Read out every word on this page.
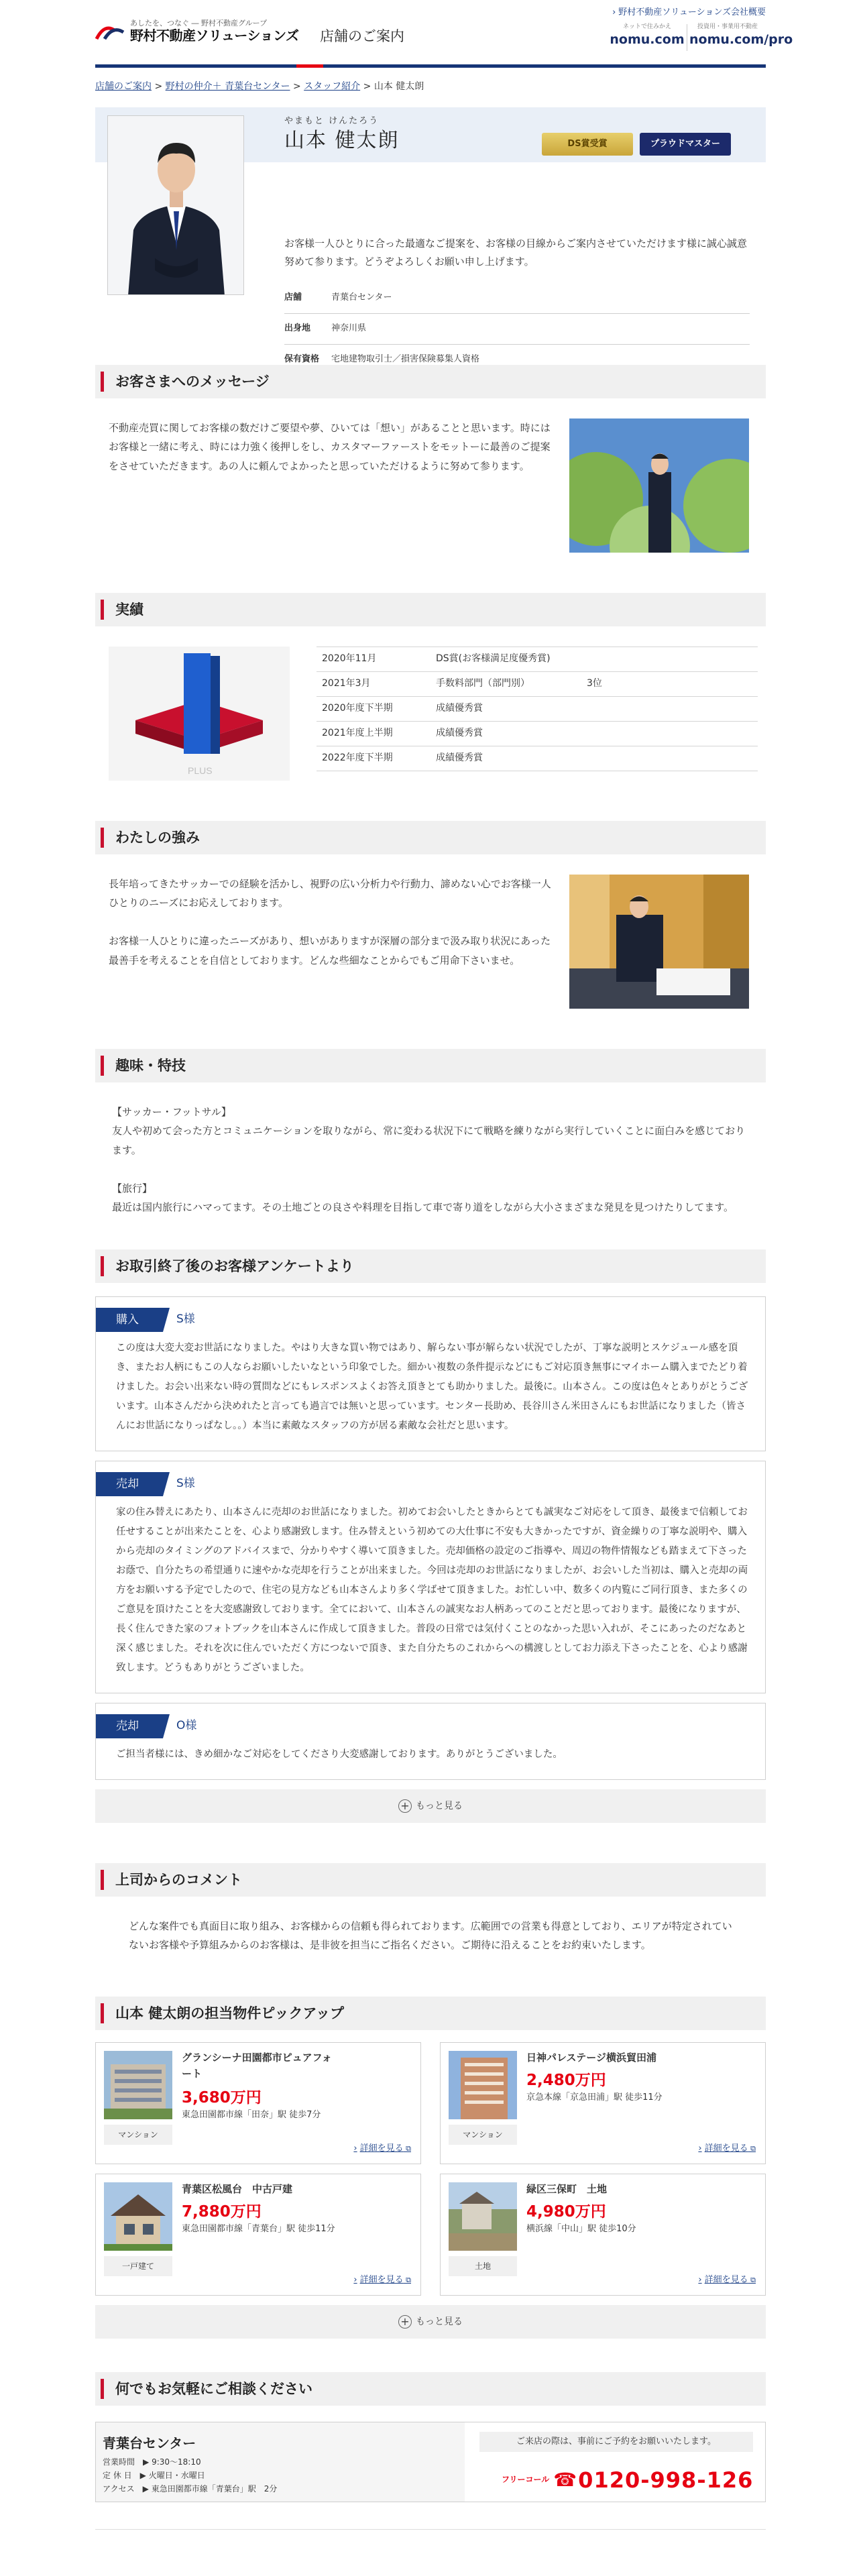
あしたを、つなぐ ― 野村不動産グループ
野村不動産ソリューションズ 店舗のご案内
› 野村不動産ソリューションズ会社概要
ネットで住みかえ
nomu.com
投資用・事業用不動産
nomu.com/pro
店舗のご案内 > 野村の仲介＋ 青葉台センター > スタッフ紹介 > 山本 健太朗
やまもと けんたろう
山本 健太朗	DS賞受賞	プラウドマスター
お客様一人ひとりに合った最適なご提案を、お客様の目線からご案内させていただけます様に誠心誠意努めて参ります。どうぞよろしくお願い申し上げます。
店舗	青葉台センター
出身地	神奈川県
保有資格	宅地建物取引士／損害保険募集人資格
お客さまへのメッセージ
不動産売買に関してお客様の数だけご要望や夢、ひいては「想い」があることと思います。時にはお客様と一緒に考え、時には力強く後押しをし、カスタマーファーストをモットーに最善のご提案をさせていただきます。あの人に頼んでよかったと思っていただけるように努めて参ります。
実績
PLUS
2020年11月	DS賞(お客様満足度優秀賞)	
2021年3月	手数料部門（部門別）	3位
2020年度下半期	成績優秀賞	
2021年度上半期	成績優秀賞	
2022年度下半期	成績優秀賞	
わたしの強み
長年培ってきたサッカーでの経験を活かし、視野の広い分析力や行動力、諦めない心でお客様一人ひとりのニーズにお応えしております。

お客様一人ひとりに違ったニーズがあり、想いがありますが深層の部分まで汲み取り状況にあった最善手を考えることを自信としております。どんな些細なことからでもご用命下さいませ。
趣味・特技
【サッカー・フットサル】
友人や初めて会った方とコミュニケーションを取りながら、常に変わる状況下にて戦略を練りながら実行していくことに面白みを感じております。

【旅行】
最近は国内旅行にハマってます。その土地ごとの良さや料理を目指して車で寄り道をしながら大小さまざまな発見を見つけたりしてます。
お取引終了後のお客様アンケートより
購入	S様
この度は大変大変お世話になりました。やはり大きな買い物ではあり、解らない事が解らない状況でしたが、丁寧な説明とスケジュール感を頂き、またお人柄にもこの人ならお願いしたいなという印象でした。細かい複数の条件提示などにもご対応頂き無事にマイホーム購入までたどり着けました。お会い出来ない時の質問などにもレスポンスよくお答え頂きとても助かりました。最後に。山本さん。この度は色々とありがとうございます。山本さんだから決めれたと言っても過言では無いと思っています。センター長助め、長谷川さん米田さんにもお世話になりました（皆さんにお世話になりっぱなし。。）本当に素敵なスタッフの方が居る素敵な会社だと思います。
売却	S様
家の住み替えにあたり、山本さんに売却のお世話になりました。初めてお会いしたときからとても誠実なご対応をして頂き、最後まで信頼してお任せすることが出来たことを、心より感謝致します。住み替えという初めての大仕事に不安も大きかったですが、資金繰りの丁寧な説明や、購入から売却のタイミングのアドバイスまで、分かりやすく導いて頂きました。売却価格の設定のご指導や、周辺の物件情報なども踏まえて下さったお蔭で、自分たちの希望通りに速やかな売却を行うことが出来ました。今回は売却のお世話になりましたが、お会いした当初は、購入と売却の両方をお願いする予定でしたので、住宅の見方なども山本さんより多く学ばせて頂きました。お忙しい中、数多くの内覧にご同行頂き、また多くのご意見を頂けたことを大変感謝致しております。全てにおいて、山本さんの誠実なお人柄あってのことだと思っております。最後になりますが、長く住んできた家のフォトブックを山本さんに作成して頂きました。普段の日常では気付くことのなかった思い入れが、そこにあったのだなあと深く感じました。それを次に住んでいただく方につないで頂き、また自分たちのこれからへの構渡しとしてお力添え下さったことを、心より感謝致します。どうもありがとうございました。
売却	O様
ご担当者様には、きめ細かなご対応をしてくださり大変感謝しております。ありがとうございました。
+ もっと見る
上司からのコメント
どんな案件でも真面目に取り組み、お客様からの信頼も得られております。広範囲での営業も得意としており、エリアが特定されていないお客様や予算組みからのお客様は、是非彼を担当にご指名ください。ご期待に沿えることをお約束いたします。
山本 健太朗の担当物件ピックアップ
マンション
グランシーナ田園都市ピュアフォート
3,680万円
東急田園都市線「田奈」駅 徒歩7分
› 詳細を見る ⧉
マンション
日神パレステージ横浜貿田浦
2,480万円
京急本線「京急田浦」駅 徒歩11分
› 詳細を見る ⧉
一戸建て
青葉区松風台　中古戸建
7,880万円
東急田園都市線「青葉台」駅 徒歩11分
› 詳細を見る ⧉
土地
緑区三保町　土地
4,980万円
横浜線「中山」駅 徒歩10分
› 詳細を見る ⧉
+ もっと見る
何でもお気軽にご相談ください
青葉台センター
営業時間　▶ 9:30〜18:10
定 休 日　▶ 火曜日・水曜日
アクセス　▶ 東急田園都市線「青葉台」駅　2分
ご来店の際は、事前にご予約をお願いいたします。
フリーコール ☎ 0120-998-126
